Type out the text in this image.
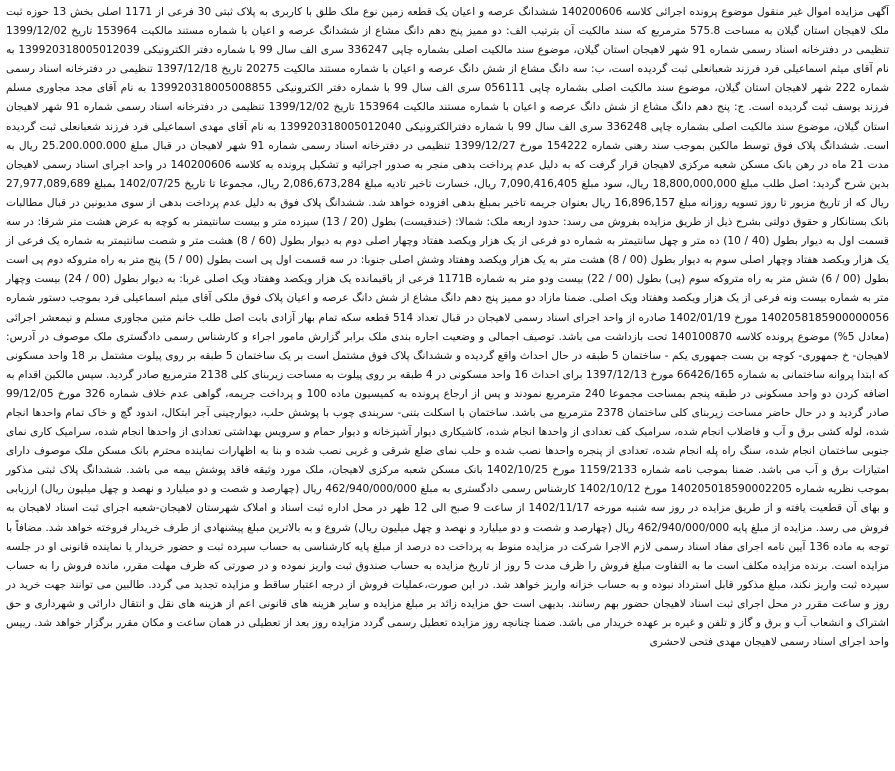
آگهی مزایده اموال غیر منقول موضوع پرونده اجرائی کلاسه 140200606 ششدانگ عرصه و اعیان یک قطعه زمین نوع ملک طلق با کاربری به پلاک ثبتی 30 فرعی از 1171 اصلی بخش 13 حوزه ثبت ملک لاهیجان استان گیلان به مساحت 575.8 مترمربع که سند مالکیت آن بترتیب الف: دو ممیز پنج دهم دانگ مشاع از ششدانگ عرصه و اعیان با شماره مستند مالکیت 153964 تاریخ 1399/12/02 تنظیمی در دفترخانه اسناد رسمی شماره 91 شهر لاهیجان استان گیلان، موضوع سند مالکیت اصلی بشماره چاپی 336247 سری الف سال 99 با شماره دفتر الکترونیکی 139920318005012039 به نام آقای میثم اسماعیلی فرد فرزند شعبانعلی ثبت گردیده است، ب: سه دانگ مشاع از شش دانگ عرصه و اعیان با شماره مستند مالکیت 20275 تاریخ 1397/12/18 تنظیمی در دفترخانه اسناد رسمی شماره 222 شهر لاهیجان استان گیلان، موضوع سند مالکیت اصلی بشماره چاپی 056111 سری الف سال 99 با شماره دفتر الکترونیکی 139920318005008855 به نام آقای مجد مجاوری مسلم فرزند یوسف ثبت گردیده است. ج: پنج دهم دانگ مشاع از شش دانگ عرصه و اعیان با شماره مستند مالکیت 153964 تاریخ 1399/12/02 تنظیمی در دفترخانه اسناد رسمی شماره 91 شهر لاهیجان استان گیلان، موضوع سند مالکیت اصلی بشماره چاپی 336248 سری الف سال 99 با شماره دفترالکترونیکی 139920318005012040 به نام آقای مهدی اسماعیلی فرد فرزند شعبانعلی ثبت گردیده است. ششدانگ پلاک فوق توسط مالکین بموجب سند رهنی شماره 154222 مورخ 1399/12/27 تنظیمی در دفترخانه اسناد رسمی شماره 91 شهر لاهیجان در قبال مبلغ 25.200.000.000 ریال به مدت 21 ماه در رهن بانک مسکن شعبه مرکزی لاهیجان قرار گرفت که به دلیل عدم پرداخت بدهی منجر به صدور اجرائیه و تشکیل پرونده به کلاسه 140200606 در واحد اجرای اسناد رسمی لاهیجان بدین شرح گردید: اصل طلب مبلغ 18,800,000,000 ریال، سود مبلغ 7,090,416,405 ریال، خسارت تاخیر تادیه مبلغ 2,086,673,284 ریال، مجموعا تا تاریخ 1402/07/25 بمبلغ 27,977,089,689 ریال که از تاریخ مزبور تا روز تسویه روزانه مبلغ 16,896,157 ریال بعنوان جریمه تاخیر بمبلغ بدهی افزوده خواهد شد. ششدانگ پلاک فوق به دلیل عدم پرداخت بدهی از سوی مدیونین در قبال مطالبات بانک بستانکار و حقوق دولتی بشرح ذیل از طریق مزایده بفروش می رسد: حدود اربعه ملک: شمالا: (خندقیست) بطول (20 / 13) سیزده متر و بیست سانتیمتر به کوچه به عرض هشت متر شرقا: در سه قسمت اول به دیوار بطول (40 / 10) ده متر و چهل سانتیمتر به شماره دو فرعی از یک هزار ویکصد هفتاد وچهار اصلی دوم به دیوار بطول (60 / 8) هشت متر و شصت سانتیمتر به شماره یک فرعی از یک هزار ویکصد هفتاد وچهار اصلی سوم به دیوار بطول (00 / 8) هشت متر به یک هزار ویکصد وهفتاد وشش اصلی جنوبا: در سه قسمت اول پی است بطول (00 / 5) پنج متر به راه متروکه دوم پی است بطول (00 / 6) شش متر به راه متروکه سوم (پی) بطول (00 / 22) بیست ودو متر به شماره 1171B فرعی از باقیمانده یک هزار ویکصد وهفتاد ویک اصلی غربا: به دیوار بطول (00 / 24) بیست وچهار متر به شماره بیست ونه فرعی از یک هزار ویکصد وهفتاد ویک اصلی. ضمنا مازاد دو ممیز پنج دهم دانگ مشاع از شش دانگ عرصه و اعیان پلاک فوق ملکی آقای میثم اسماعیلی فرد بموجب دستور شماره 1402058185900000056 مورخ 1402/01/19 صادره از واحد اجرای اسناد رسمی لاهیجان در قبال تعداد 514 قطعه سکه تمام بهار آزادی بابت اصل طلب خانم متین مجاوری مسلم و نیمعشر اجرائی (معادل 5%) موضوع پرونده کلاسه 140100870 تحت بازداشت می باشد. توصیف اجمالی و وضعیت اجاره بندی ملک برابر گزارش مامور اجراء و کارشناس رسمی دادگستری ملک موصوف در آدرس: لاهیجان- خ جمهوری- کوچه بن بست جمهوری یکم - ساختمان 5 طبقه در حال احداث واقع گردیده و ششدانگ پلاک فوق مشتمل است بر یک ساختمان 5 طبقه بر روی پیلوت مشتمل بر 18 واحد مسکونی که ابتدا پروانه ساختمانی به شماره 66426/165 مورخ 1397/12/13 برای احداث 16 واحد مسکونی در 4 طبقه بر روی پیلوت به مساحت زیربنای کلی 2138 مترمربع صادر گردید. سپس مالکین اقدام به اضافه کردن دو واحد مسکونی در طبقه پنجم بمساحت مجموعا 240 مترمربع نمودند و پس از ارجاع پرونده به کمیسیون ماده 100 و پرداخت جریمه، گواهی عدم خلاف شماره 326 مورخ 99/12/05 صادر گردید و در حال حاضر مساحت زیربنای کلی ساختمان 2378 مترمربع می باشد. ساختمان با اسکلت بتنی- سربندی چوب با پوشش حلب، دیوارچینی آجر ابتکال، اندود گچ و خاک تمام واحدها انجام شده، لوله کشی برق و آب و فاضلاب انجام شده، سرامیک کف تعدادی از واحدها انجام شده، کاشیکاری دیوار آشپزخانه و دیوار حمام و سرویس بهداشتی تعدادی از واحدها انجام شده، سرامیک کاری نمای جنوبی ساختمان انجام شده، سنگ راه پله انجام شده، تعدادی از پنجره واحدها نصب شده و حلب نمای ضلع شرقی و غربی نصب شده و بنا به اظهارات نماینده محترم بانک مسکن ملک موصوف دارای امتیازات برق و آب می باشد. ضمنا بموجب نامه شماره 1159/2133 مورخ 1402/10/25 بانک مسکن شعبه مرکزی لاهیجان، ملک مورد وثیقه فاقد پوشش بیمه می باشد. ششدانگ پلاک ثبتی مذکور بموجب نظریه شماره 140205018590002205 مورخ 1402/10/12 کارشناس رسمی دادگستری به مبلغ 462/940/000/000 ریال (چهارصد و شصت و دو میلیارد و نهصد و چهل میلیون ریال) ارزیابی و بهای آن قطعیت یافته و از طریق مزایده در روز سه شنبه مورخه 1402/11/17 از ساعت 9 صبح الی 12 ظهر در محل اداره ثبت اسناد و املاک شهرستان لاهیجان-شعبه اجرای ثبت اسناد لاهیجان به فروش می رسد. مزایده از مبلغ پایه 462/940/000/000 ریال (چهارصد و شصت و دو میلیارد و نهصد و چهل میلیون ریال) شروع و به بالاترین مبلغ پیشنهادی از طرف خریدار فروخته خواهد شد. مضافاً با توجه به ماده 136 آیین نامه اجرای مفاد اسناد رسمی لازم الاجرا شرکت در مزایده منوط به پرداخت ده درصد از مبلغ پایه کارشناسی به حساب سپرده ثبت و حضور خریدار یا نماینده قانونی او در جلسه مزایده است. برنده مزایده مکلف است ما به التفاوت مبلغ فروش را ظرف مدت 5 روز از تاریخ مزایده به حساب صندوق ثبت واریز نموده و در صورتی که ظرف مهلت مقرر، مانده فروش را به حساب سپرده ثبت واریز نکند، مبلغ مذکور قابل استرداد نبوده و به حساب خزانه واریز خواهد شد. در این صورت،عملیات فروش از درجه اعتبار ساقط و مزایده تجدید می گردد. طالبین می توانند جهت خرید در روز و ساعت مقرر در محل اجرای ثبت اسناد لاهیجان حضور بهم رسانند. بدیهی است حق مزایده زائد بر مبلغ مزایده و سایر هزینه های قانونی اعم از هزینه های نقل و انتقال دارائی و شهرداری و حق اشتراک و انشعاب آب و برق و گاز و تلفن و غیره بر عهده خریدار می باشد. ضمنا چنانچه روز مزایده تعطیل رسمی گردد مزایده روز بعد از تعطیلی در همان ساعت و مکان مقرر برگزار خواهد شد. رییس واحد اجرای اسناد رسمی لاهیجان مهدی فتحی لاحشری
